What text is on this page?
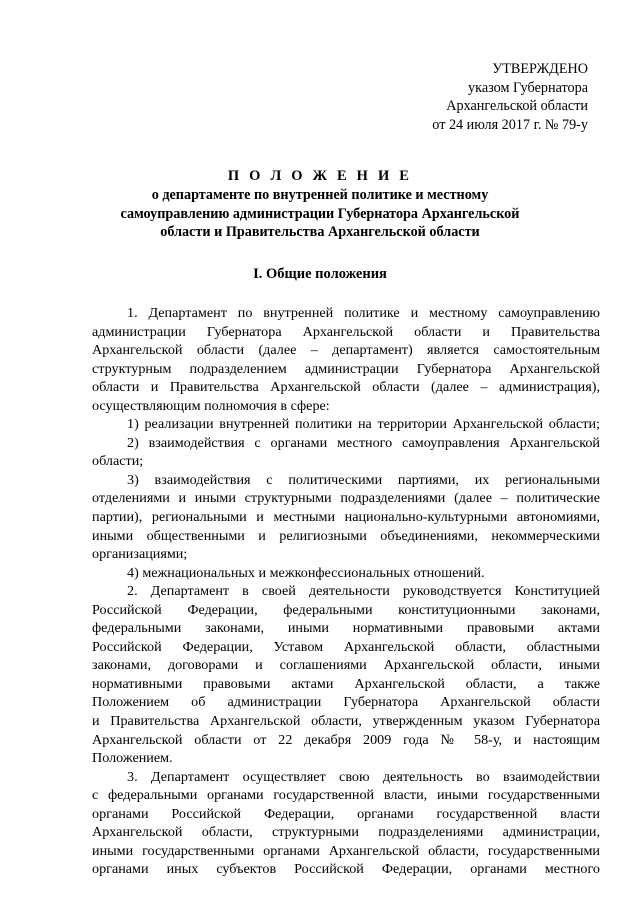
УТВЕРЖДЕНО
указом Губернатора
Архангельской области
от 24 июля 2017 г. № 79-у
П О Л О Ж Е Н И Е
о департаменте по внутренней политике и местному
самоуправлению администрации Губернатора Архангельской
области и Правительства Архангельской области
I. Общие положения
1. Департамент по внутренней политике и местному самоуправлению
администрации Губернатора Архангельской области и Правительства
Архангельской области (далее – департамент) является самостоятельным
структурным подразделением администрации Губернатора Архангельской
области и Правительства Архангельской области (далее – администрация),
осуществляющим полномочия в сфере:
1) реализации внутренней политики на территории Архангельской области;
2) взаимодействия с органами местного самоуправления Архангельской
области;
3) взаимодействия с политическими партиями, их региональными
отделениями и иными структурными подразделениями (далее – политические
партии), региональными и местными национально-культурными автономиями,
иными общественными и религиозными объединениями, некоммерческими
организациями;
4) межнациональных и межконфессиональных отношений.
2. Департамент в своей деятельности руководствуется Конституцией
Российской Федерации, федеральными конституционными законами,
федеральными законами, иными нормативными правовыми актами
Российской Федерации, Уставом Архангельской области, областными
законами, договорами и соглашениями Архангельской области, иными
нормативными правовыми актами Архангельской области, а также
Положением об администрации Губернатора Архангельской области
и Правительства Архангельской области, утвержденным указом Губернатора
Архангельской области от 22 декабря 2009 года № 58-у, и настоящим
Положением.
3. Департамент осуществляет свою деятельность во взаимодействии
с федеральными органами государственной власти, иными государственными
органами Российской Федерации, органами государственной власти
Архангельской области, структурными подразделениями администрации,
иными государственными органами Архангельской области, государственными
органами иных субъектов Российской Федерации, органами местного
